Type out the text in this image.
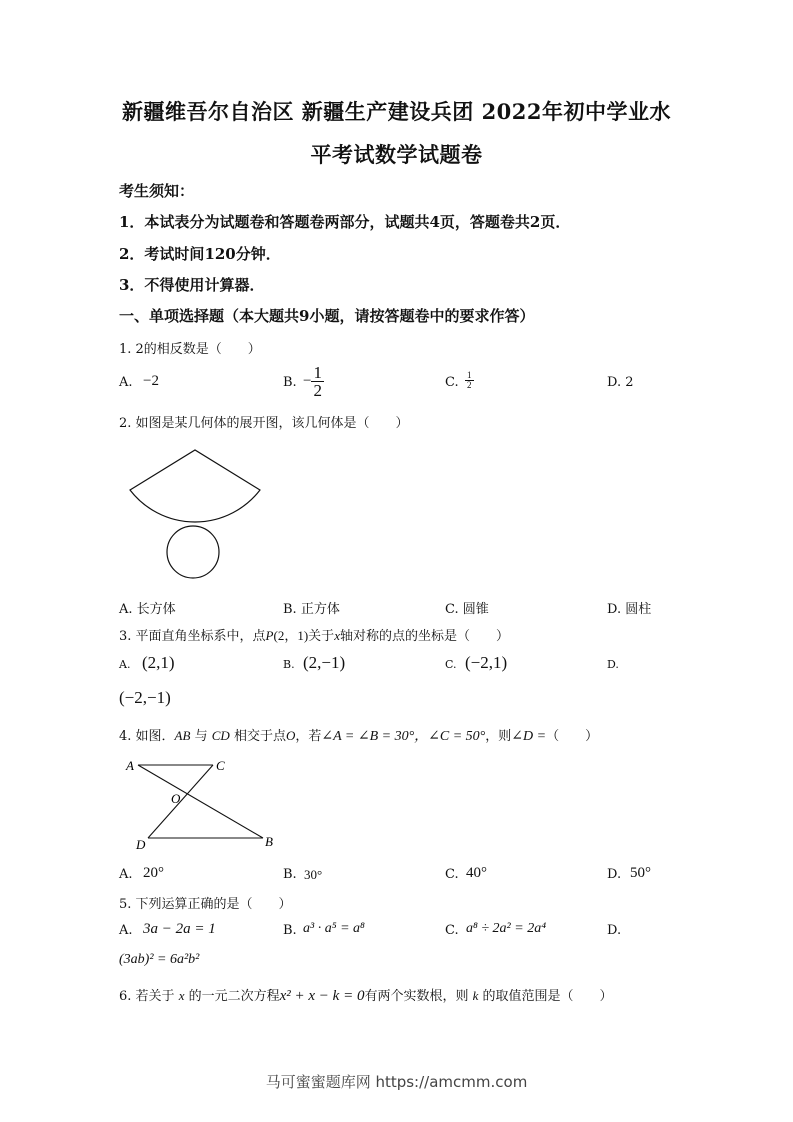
新疆维吾尔自治区 新疆生产建设兵团 2022年初中学业水
平考试数学试题卷
考生须知：
1．本试表分为试题卷和答题卷两部分，试题共4页，答题卷共2页．
2．考试时间120分钟．
3．不得使用计算器．
一、单项选择题（本大题共9小题，请按答题卷中的要求作答）
1. 2的相反数是（　　）
A. −2	B. − $\frac{1}{2}$	C. $\frac{1}{2}$	D. 2
2. 如图是某几何体的展开图，该几何体是（　　）
A. 长方体	B. 正方体	C. 圆锥	D. 圆柱
3. 平面直角坐标系中，点P(2，1)关于x轴对称的点的坐标是（　　）
A. (2,1)	B. (2,−1)	C. (−2,1)	D.
(−2,−1)
4. 如图．AB 与 CD 相交于点O，若∠A = ∠B = 30°，∠C = 50°，则∠D =（　　）
A	C
O
D	B
A. 20°	B. 30°	C. 40°	D. 50°
5. 下列运算正确的是（　　）
A. 3a − 2a = 1	B. a³ · a⁵ = a⁸	C. a⁸ ÷ 2a² = 2a⁴	D.
(3ab)² = 6a²b²
6. 若关于 x 的一元二次方程x² + x − k = 0有两个实数根，则 k 的取值范围是（　　）
马可蜜蜜题库网 https://amcmm.com
